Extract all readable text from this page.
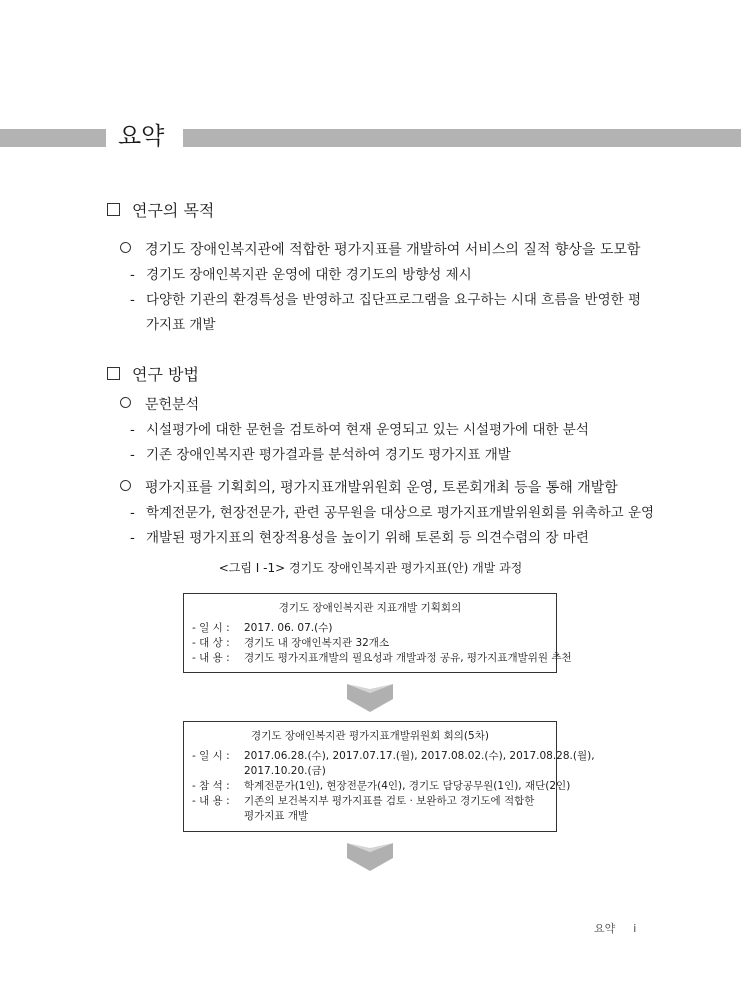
요약
연구의 목적
경기도 장애인복지관에 적합한 평가지표를 개발하여 서비스의 질적 향상을 도모함
- 경기도 장애인복지관 운영에 대한 경기도의 방향성 제시
- 다양한 기관의 환경특성을 반영하고 집단프로그램을 요구하는 시대 흐름을 반영한 평
가지표 개발
연구 방법
문헌분석
- 시설평가에 대한 문헌을 검토하여 현재 운영되고 있는 시설평가에 대한 분석
- 기존 장애인복지관 평가결과를 분석하여 경기도 평가지표 개발
평가지표를 기획회의, 평가지표개발위원회 운영, 토론회개최 등을 통해 개발함
- 학계전문가, 현장전문가, 관련 공무원을 대상으로 평가지표개발위원회를 위촉하고 운영
- 개발된 평가지표의 현장적용성을 높이기 위해 토론회 등 의견수렴의 장 마련
<그림 Ⅰ -1> 경기도 장애인복지관 평가지표(안) 개발 과정
경기도 장애인복지관 지표개발 기획회의
- 일 시 :	2017. 06. 07.(수)
- 대 상 :	경기도 내 장애인복지관 32개소
- 내 용 :	경기도 평가지표개발의 필요성과 개발과정 공유, 평가지표개발위원 추천
경기도 장애인복지관 평가지표개발위원회 회의(5차)
- 일 시 :	2017.06.28.(수), 2017.07.17.(월), 2017.08.02.(수), 2017.08.28.(월),
2017.10.20.(금)
- 참 석 :	학계전문가(1인), 현장전문가(4인), 경기도 담당공무원(1인), 재단(2인)
- 내 용 :	기존의 보건복지부 평가지표를 검토 · 보완하고 경기도에 적합한
평가지표 개발
요약 i
